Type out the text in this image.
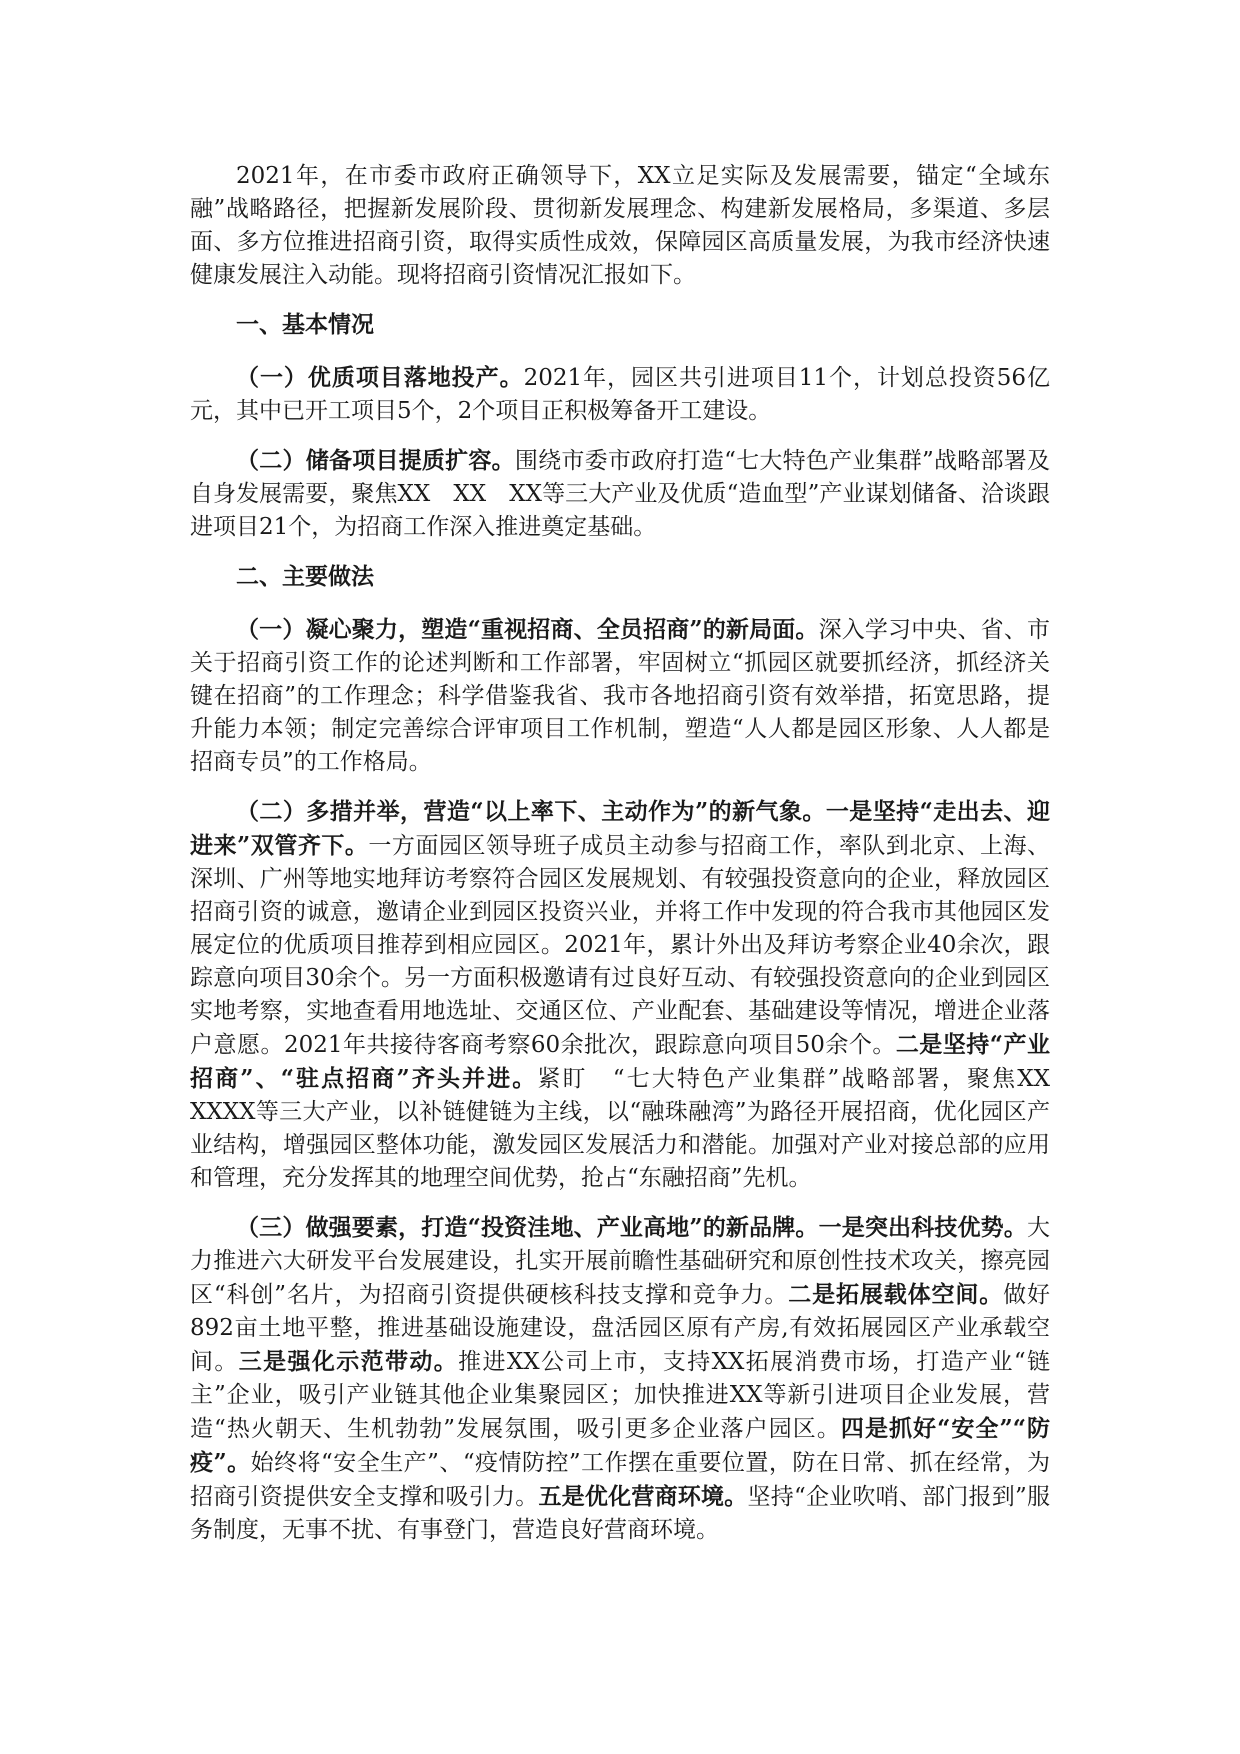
2021年，在市委市政府正确领导下，XX立足实际及发展需要，锚定“全域东融”战略路径，把握新发展阶段、贯彻新发展理念、构建新发展格局，多渠道、多层面、多方位推进招商引资，取得实质性成效，保障园区高质量发展，为我市经济快速健康发展注入动能。现将招商引资情况汇报如下。

一、基本情况

（一）优质项目落地投产。2021年，园区共引进项目11个，计划总投资56亿元，其中已开工项目5个，2个项目正积极筹备开工建设。

（二）储备项目提质扩容。围绕市委市政府打造“七大特色产业集群”战略部署及自身发展需要，聚焦XX　XX　XX等三大产业及优质“造血型”产业谋划储备、洽谈跟进项目21个，为招商工作深入推进奠定基础。

二、主要做法

（一）凝心聚力，塑造“重视招商、全员招商”的新局面。深入学习中央、省、市关于招商引资工作的论述判断和工作部署，牢固树立“抓园区就要抓经济，抓经济关键在招商”的工作理念；科学借鉴我省、我市各地招商引资有效举措，拓宽思路，提升能力本领；制定完善综合评审项目工作机制，塑造“人人都是园区形象、人人都是招商专员”的工作格局。

（二）多措并举，营造“以上率下、主动作为”的新气象。一是坚持“走出去、迎进来”双管齐下。一方面园区领导班子成员主动参与招商工作，率队到北京、上海、深圳、广州等地实地拜访考察符合园区发展规划、有较强投资意向的企业，释放园区招商引资的诚意，邀请企业到园区投资兴业，并将工作中发现的符合我市其他园区发展定位的优质项目推荐到相应园区。2021年，累计外出及拜访考察企业40余次，跟踪意向项目30余个。另一方面积极邀请有过良好互动、有较强投资意向的企业到园区实地考察，实地查看用地选址、交通区位、产业配套、基础建设等情况，增进企业落户意愿。2021年共接待客商考察60余批次，跟踪意向项目50余个。二是坚持“产业招商”、“驻点招商”齐头并进。紧盯　“七大特色产业集群”战略部署，聚焦XX　XXXX等三大产业，以补链健链为主线，以“融珠融湾”为路径开展招商，优化园区产业结构，增强园区整体功能，激发园区发展活力和潜能。加强对产业对接总部的应用和管理，充分发挥其的地理空间优势，抢占“东融招商”先机。

（三）做强要素，打造“投资洼地、产业高地”的新品牌。一是突出科技优势。大力推进六大研发平台发展建设，扎实开展前瞻性基础研究和原创性技术攻关，擦亮园区“科创”名片，为招商引资提供硬核科技支撑和竞争力。二是拓展载体空间。做好892亩土地平整，推进基础设施建设，盘活园区原有产房,有效拓展园区产业承载空间。三是强化示范带动。推进XX公司上市，支持XX拓展消费市场，打造产业“链主”企业，吸引产业链其他企业集聚园区；加快推进XX等新引进项目企业发展，营造“热火朝天、生机勃勃”发展氛围，吸引更多企业落户园区。四是抓好“安全”“防疫”。始终将“安全生产”、“疫情防控”工作摆在重要位置，防在日常、抓在经常，为招商引资提供安全支撑和吸引力。五是优化营商环境。坚持“企业吹哨、部门报到”服务制度，无事不扰、有事登门，营造良好营商环境。
